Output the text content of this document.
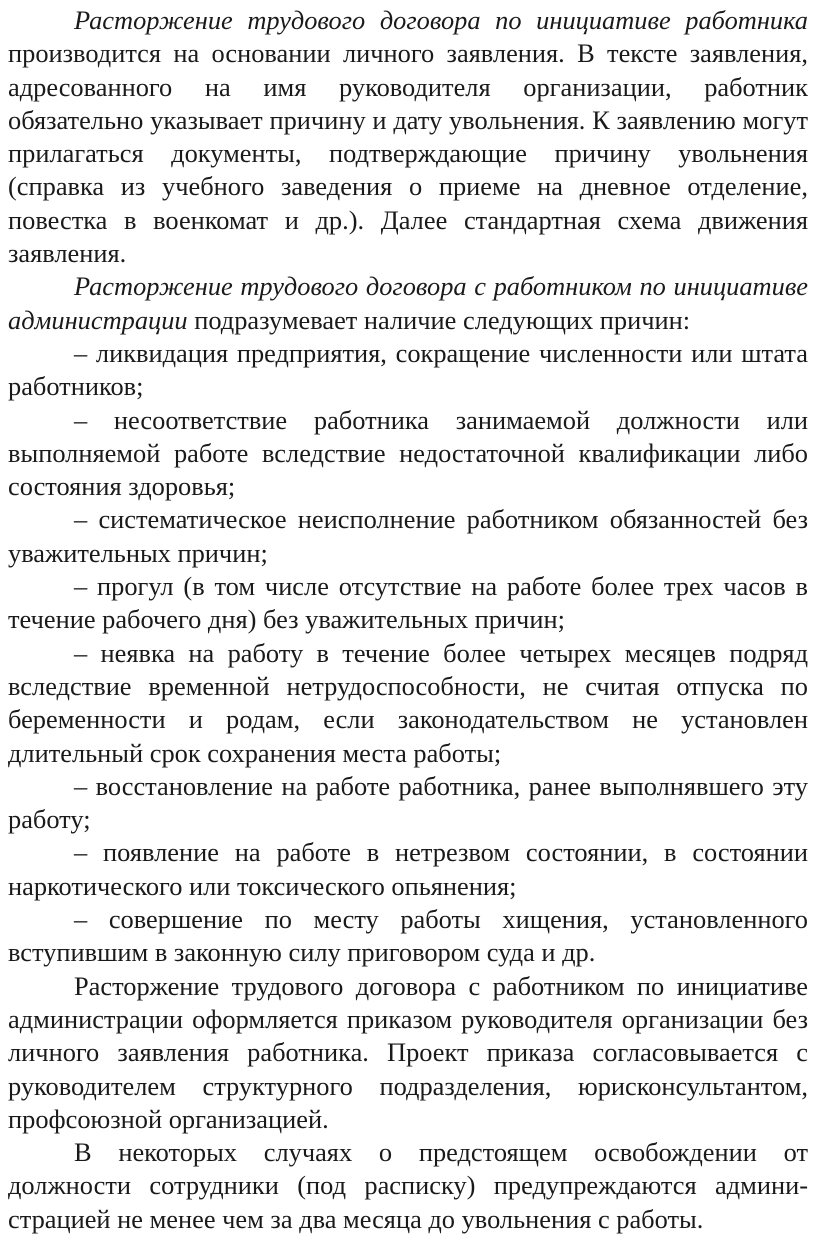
Расторжение трудового договора по инициативе работника производится на основании личного заявления. В тексте заявления, адресованного на имя руководителя организации, работник обязательно указывает причину и дату увольнения. К заявлению могут прилагаться документы, подтверждающие причину увольнения (справка из учебного заведения о приеме на дневное отделение, повестка в военкомат и др.). Далее стандартная схема движения заявления.

Расторжение трудового договора с работником по инициативе администрации подразумевает наличие следующих причин:

– ликвидация предприятия, сокращение численности или штата работников;

– несоответствие работника занимаемой должности или выполняемой работе вследствие недостаточной квалификации либо состояния здоровья;

– систематическое неисполнение работником обязанностей без уважительных причин;

– прогул (в том числе отсутствие на работе более трех часов в течение рабочего дня) без уважительных причин;

– неявка на работу в течение более четырех месяцев подряд вследствие временной нетрудоспособности, не считая отпуска по беременности и родам, если законодательством не установлен длительный срок сохранения места работы;

– восстановление на работе работника, ранее выполнявшего эту работу;

– появление на работе в нетрезвом состоянии, в состоянии наркотического или токсического опьянения;

– совершение по месту работы хищения, установленного вступившим в законную силу приговором суда и др.

Расторжение трудового договора с работником по инициативе администрации оформляется приказом руководителя организации без личного заявления работника. Проект приказа согласовывается с руководителем структурного подразделения, юрисконсультантом, профсоюзной организацией.

В некоторых случаях о предстоящем освобождении от должности сотрудники (под расписку) предупреждаются администрацией не менее чем за два месяца до увольнения с работы.
